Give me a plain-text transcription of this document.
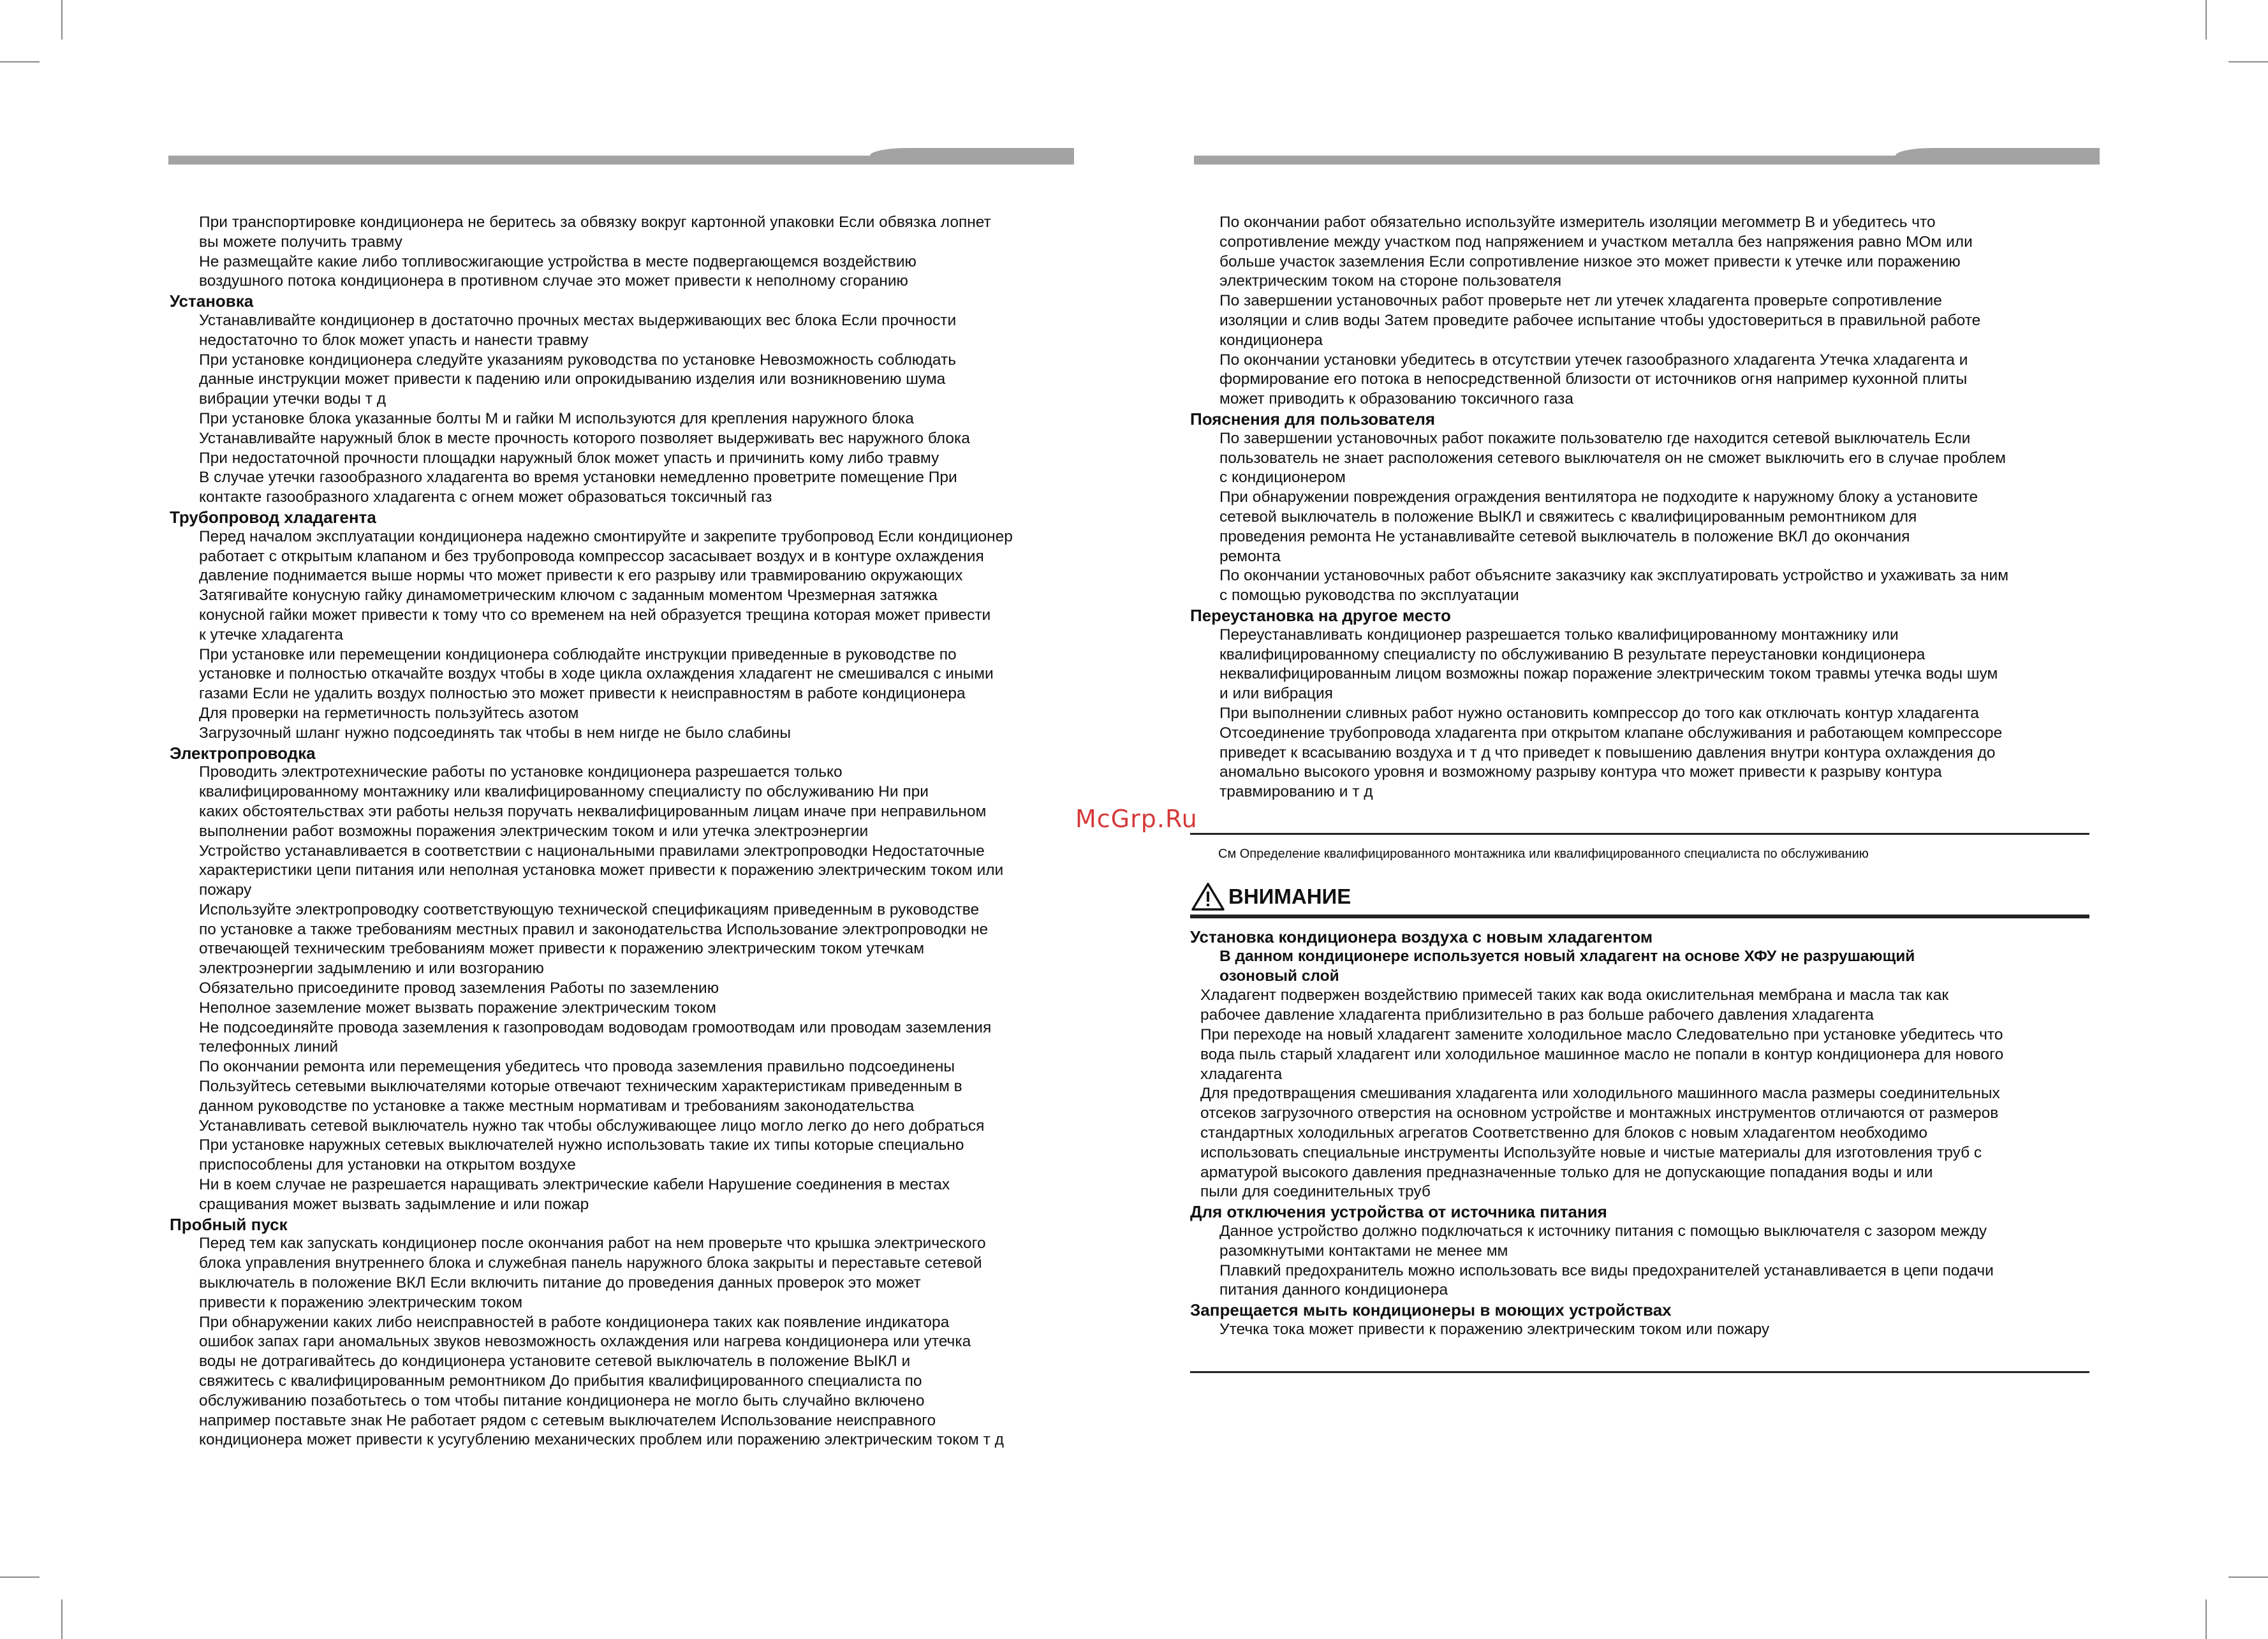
При транспортировке кондиционера не беритесь за обвязку вокруг картонной упаковки Если обвязка лопнет
вы можете получить травму
Не размещайте какие либо топливосжигающие устройства в месте подвергающемся воздействию
воздушного потока кондиционера в противном случае это может привести к неполному сгоранию
Установка
Устанавливайте кондиционер в достаточно прочных местах выдерживающих вес блока Если прочности
недостаточно то блок может упасть и нанести травму
При установке кондиционера следуйте указаниям руководства по установке Невозможность соблюдать
данные инструкции может привести к падению или опрокидыванию изделия или возникновению шума
вибрации утечки воды т д
При установке блока указанные болты М и гайки М используются для крепления наружного блока
Устанавливайте наружный блок в месте прочность которого позволяет выдерживать вес наружного блока
При недостаточной прочности площадки наружный блок может упасть и причинить кому либо травму
В случае утечки газообразного хладагента во время установки немедленно проветрите помещение При
контакте газообразного хладагента с огнем может образоваться токсичный газ
Трубопровод хладагента
Перед началом эксплуатации кондиционера надежно смонтируйте и закрепите трубопровод Если кондиционер
работает с открытым клапаном и без трубопровода компрессор засасывает воздух и в контуре охлаждения
давление поднимается выше нормы что может привести к его разрыву или травмированию окружающих
Затягивайте конусную гайку динамометрическим ключом с заданным моментом Чрезмерная затяжка
конусной гайки может привести к тому что со временем на ней образуется трещина которая может привести
к утечке хладагента
При установке или перемещении кондиционера соблюдайте инструкции приведенные в руководстве по
установке и полностью откачайте воздух чтобы в ходе цикла охлаждения хладагент не смешивался с иными
газами Если не удалить воздух полностью это может привести к неисправностям в работе кондиционера
Для проверки на герметичность пользуйтесь азотом
Загрузочный шланг нужно подсоединять так чтобы в нем нигде не было слабины
Электропроводка
Проводить электротехнические работы по установке кондиционера разрешается только
квалифицированному монтажнику или квалифицированному специалисту по обслуживанию Ни при
каких обстоятельствах эти работы нельзя поручать неквалифицированным лицам иначе при неправильном
выполнении работ возможны поражения электрическим током и или утечка электроэнергии
Устройство устанавливается в соответствии с национальными правилами электропроводки Недостаточные
характеристики цепи питания или неполная установка может привести к поражению электрическим током или
пожару
Используйте электропроводку соответствующую технической спецификациям приведенным в руководстве
по установке а также требованиям местных правил и законодательства Использование электропроводки не
отвечающей техническим требованиям может привести к поражению электрическим током утечкам
электроэнергии задымлению и или возгоранию
Обязательно присоедините провод заземления Работы по заземлению
Неполное заземление может вызвать поражение электрическим током
Не подсоединяйте провода заземления к газопроводам водоводам громоотводам или проводам заземления
телефонных линий
По окончании ремонта или перемещения убедитесь что провода заземления правильно подсоединены
Пользуйтесь сетевыми выключателями которые отвечают техническим характеристикам приведенным в
данном руководстве по установке а также местным нормативам и требованиям законодательства
Устанавливать сетевой выключатель нужно так чтобы обслуживающее лицо могло легко до него добраться
При установке наружных сетевых выключателей нужно использовать такие их типы которые специально
приспособлены для установки на открытом воздухе
Ни в коем случае не разрешается наращивать электрические кабели Нарушение соединения в местах
сращивания может вызвать задымление и или пожар
Пробный пуск
Перед тем как запускать кондиционер после окончания работ на нем проверьте что крышка электрического
блока управления внутреннего блока и служебная панель наружного блока закрыты и переставьте сетевой
выключатель в положение ВКЛ Если включить питание до проведения данных проверок это может
привести к поражению электрическим током
При обнаружении каких либо неисправностей в работе кондиционера таких как появление индикатора
ошибок запах гари аномальных звуков невозможность охлаждения или нагрева кондиционера или утечка
воды не дотрагивайтесь до кондиционера установите сетевой выключатель в положение ВЫКЛ и
свяжитесь с квалифицированным ремонтником До прибытия квалифицированного специалиста по
обслуживанию позаботьтесь о том чтобы питание кондиционера не могло быть случайно включено
например поставьте знак Не работает рядом с сетевым выключателем Использование неисправного
кондиционера может привести к усугублению механических проблем или поражению электрическим током т д
По окончании работ обязательно используйте измеритель изоляции мегомметр В и убедитесь что
сопротивление между участком под напряжением и участком металла без напряжения равно МОм или
больше участок заземления Если сопротивление низкое это может привести к утечке или поражению
электрическим током на стороне пользователя
По завершении установочных работ проверьте нет ли утечек хладагента проверьте сопротивление
изоляции и слив воды Затем проведите рабочее испытание чтобы удостовериться в правильной работе
кондиционера
По окончании установки убедитесь в отсутствии утечек газообразного хладагента Утечка хладагента и
формирование его потока в непосредственной близости от источников огня например кухонной плиты
может приводить к образованию токсичного газа
Пояснения для пользователя
По завершении установочных работ покажите пользователю где находится сетевой выключатель Если
пользователь не знает расположения сетевого выключателя он не сможет выключить его в случае проблем
с кондиционером
При обнаружении повреждения ограждения вентилятора не подходите к наружному блоку а установите
сетевой выключатель в положение ВЫКЛ и свяжитесь с квалифицированным ремонтником для
проведения ремонта Не устанавливайте сетевой выключатель в положение ВКЛ до окончания
ремонта
По окончании установочных работ объясните заказчику как эксплуатировать устройство и ухаживать за ним
с помощью руководства по эксплуатации
Переустановка на другое место
Переустанавливать кондиционер разрешается только квалифицированному монтажнику или
квалифицированному специалисту по обслуживанию В результате переустановки кондиционера
неквалифицированным лицом возможны пожар поражение электрическим током травмы утечка воды шум
и или вибрация
При выполнении сливных работ нужно остановить компрессор до того как отключать контур хладагента
Отсоединение трубопровода хладагента при открытом клапане обслуживания и работающем компрессоре
приведет к всасыванию воздуха и т д что приведет к повышению давления внутри контура охлаждения до
аномально высокого уровня и возможному разрыву контура что может привести к разрыву контура
травмированию и т д
См Определение квалифицированного монтажника или квалифицированного специалиста по обслуживанию
ВНИМАНИЕ
Установка кондиционера воздуха с новым хладагентом
В данном кондиционере используется новый хладагент на основе ХФУ не разрушающий
озоновый слой
Хладагент подвержен воздействию примесей таких как вода окислительная мембрана и масла так как
рабочее давление хладагента приблизительно в раз больше рабочего давления хладагента
При переходе на новый хладагент замените холодильное масло Следовательно при установке убедитесь что
вода пыль старый хладагент или холодильное машинное масло не попали в контур кондиционера для нового
хладагента
Для предотвращения смешивания хладагента или холодильного машинного масла размеры соединительных
отсеков загрузочного отверстия на основном устройстве и монтажных инструментов отличаются от размеров
стандартных холодильных агрегатов Соответственно для блоков с новым хладагентом необходимо
использовать специальные инструменты Используйте новые и чистые материалы для изготовления труб с
арматурой высокого давления предназначенные только для не допускающие попадания воды и или
пыли для соединительных труб
Для отключения устройства от источника питания
Данное устройство должно подключаться к источнику питания с помощью выключателя с зазором между
разомкнутыми контактами не менее мм
Плавкий предохранитель можно использовать все виды предохранителей устанавливается в цепи подачи
питания данного кондиционера
Запрещается мыть кондиционеры в моющих устройствах
Утечка тока может привести к поражению электрическим током или пожару
McGrp.Ru
